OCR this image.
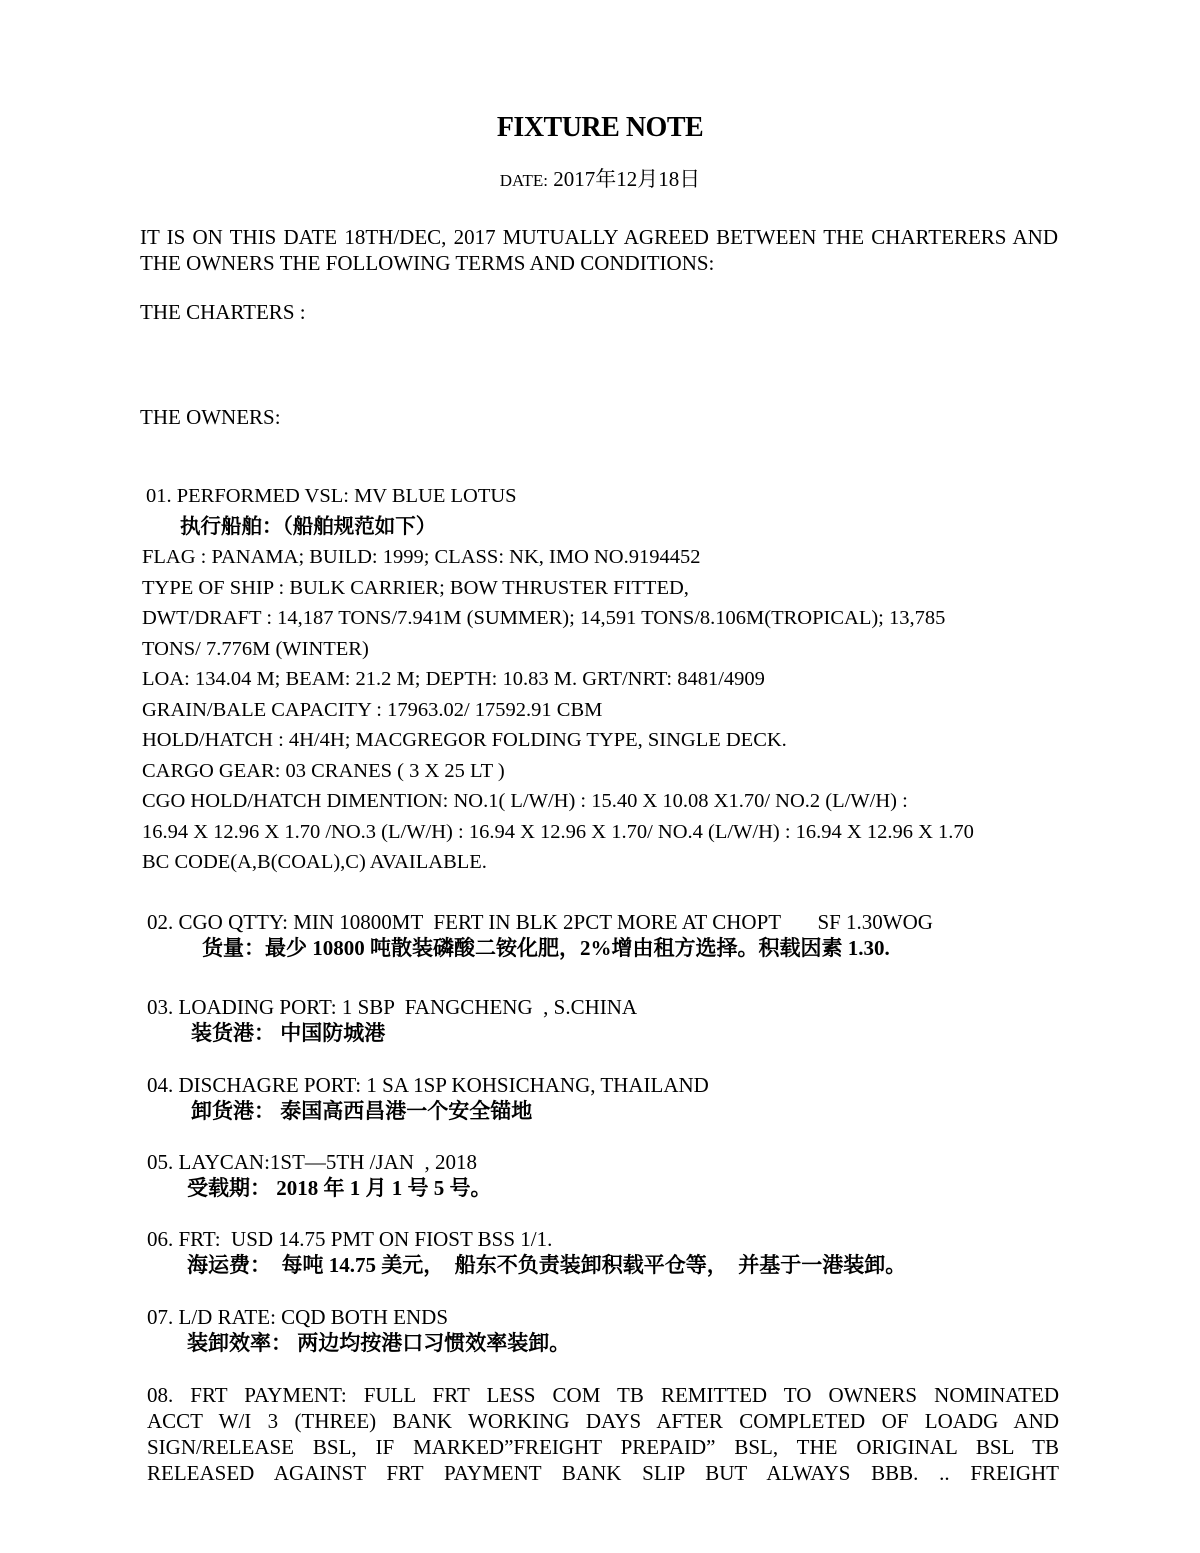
FIXTURE NOTE
DATE: 2017年12月18日
IT IS ON THIS DATE 18TH/DEC, 2017 MUTUALLY AGREED BETWEEN THE CHARTERERS AND THE OWNERS THE FOLLOWING TERMS AND CONDITIONS:
THE CHARTERS :
THE OWNERS:
01. PERFORMED VSL: MV BLUE LOTUS
执行船舶：（船舶规范如下）
FLAG : PANAMA; BUILD: 1999; CLASS: NK, IMO NO.9194452
TYPE OF SHIP : BULK CARRIER; BOW THRUSTER FITTED,
DWT/DRAFT : 14,187 TONS/7.941M (SUMMER); 14,591 TONS/8.106M(TROPICAL); 13,785
TONS/ 7.776M (WINTER)
LOA: 134.04 M; BEAM: 21.2 M; DEPTH: 10.83 M. GRT/NRT: 8481/4909
GRAIN/BALE CAPACITY : 17963.02/ 17592.91 CBM
HOLD/HATCH : 4H/4H; MACGREGOR FOLDING TYPE, SINGLE DECK.
CARGO GEAR: 03 CRANES ( 3 X 25 LT )
CGO HOLD/HATCH DIMENTION: NO.1( L/W/H) : 15.40 X 10.08 X1.70/ NO.2 (L/W/H) :
16.94 X 12.96 X 1.70 /NO.3 (L/W/H) : 16.94 X 12.96 X 1.70/ NO.4 (L/W/H) : 16.94 X 12.96 X 1.70
BC CODE(A,B(COAL),C) AVAILABLE.
02. CGO QTTY: MIN 10800MT  FERT IN BLK 2PCT MORE AT CHOPT       SF 1.30WOG
货量：最少 10800 吨散装磷酸二铵化肥，2%增由租方选择。积载因素 1.30.
03. LOADING PORT: 1 SBP  FANGCHENG  , S.CHINA
装货港： 中国防城港
04. DISCHAGRE PORT: 1 SA 1SP KOHSICHANG, THAILAND
卸货港： 泰国高西昌港一个安全锚地
05. LAYCAN:1ST—5TH /JAN  , 2018
受载期： 2018 年 1 月 1 号 5 号。
06. FRT:  USD 14.75 PMT ON FIOST BSS 1/1.
海运费：  每吨 14.75 美元，  船东不负责装卸积载平仓等，  并基于一港装卸。
07. L/D RATE: CQD BOTH ENDS
装卸效率： 两边均按港口习惯效率装卸。
08. FRT PAYMENT: FULL FRT LESS COM TB REMITTED TO OWNERS NOMINATED
ACCT W/I 3 (THREE) BANK WORKING DAYS AFTER COMPLETED OF LOADG AND
SIGN/RELEASE BSL, IF MARKED”FREIGHT PREPAID” BSL, THE ORIGINAL BSL TB
RELEASED AGAINST FRT PAYMENT BANK SLIP BUT ALWAYS BBB. .. FREIGHT
